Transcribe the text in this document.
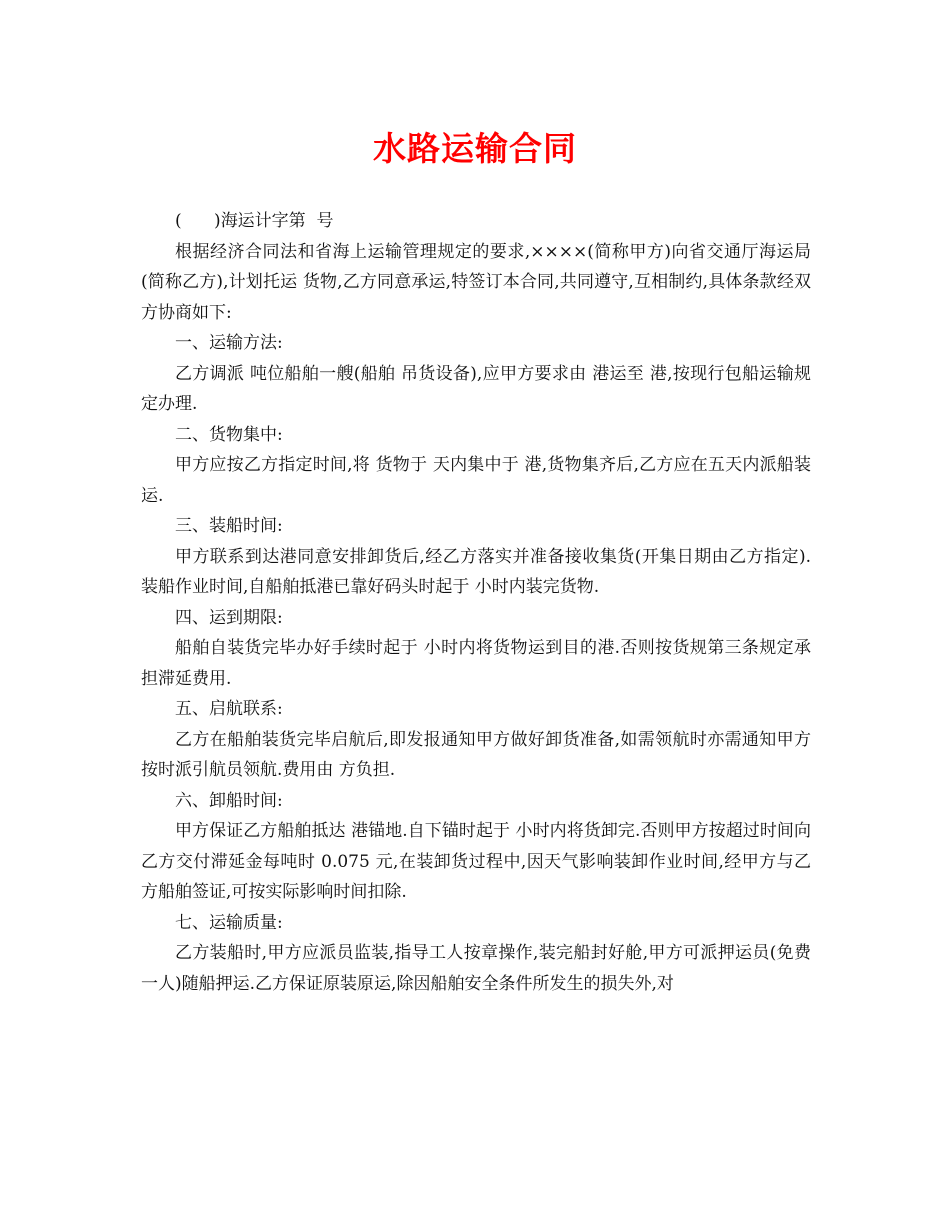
水路运输合同

(      )海运计字第  号

根据经济合同法和省海上运输管理规定的要求,××××(简称甲方)向省交通厅海运局(简称乙方),计划托运 货物,乙方同意承运,特签订本合同,共同遵守,互相制约,具体条款经双方协商如下:

一、运输方法:

乙方调派 吨位船舶一艘(船舶 吊货设备),应甲方要求由 港运至 港,按现行包船运输规定办理.

二、货物集中:

甲方应按乙方指定时间,将 货物于 天内集中于 港,货物集齐后,乙方应在五天内派船装运.

三、装船时间:

甲方联系到达港同意安排卸货后,经乙方落实并准备接收集货(开集日期由乙方指定).装船作业时间,自船舶抵港已靠好码头时起于 小时内装完货物.

四、运到期限:

船舶自装货完毕办好手续时起于 小时内将货物运到目的港.否则按货规第三条规定承担滞延费用.

五、启航联系:

乙方在船舶装货完毕启航后,即发报通知甲方做好卸货准备,如需领航时亦需通知甲方按时派引航员领航.费用由 方负担.

六、卸船时间:

甲方保证乙方船舶抵达 港锚地.自下锚时起于 小时内将货卸完.否则甲方按超过时间向乙方交付滞延金每吨时 0.075 元,在装卸货过程中,因天气影响装卸作业时间,经甲方与乙方船舶签证,可按实际影响时间扣除.

七、运输质量:

乙方装船时,甲方应派员监装,指导工人按章操作,装完船封好舱,甲方可派押运员(免费一人)随船押运.乙方保证原装原运,除因船舶安全条件所发生的损失外,对
